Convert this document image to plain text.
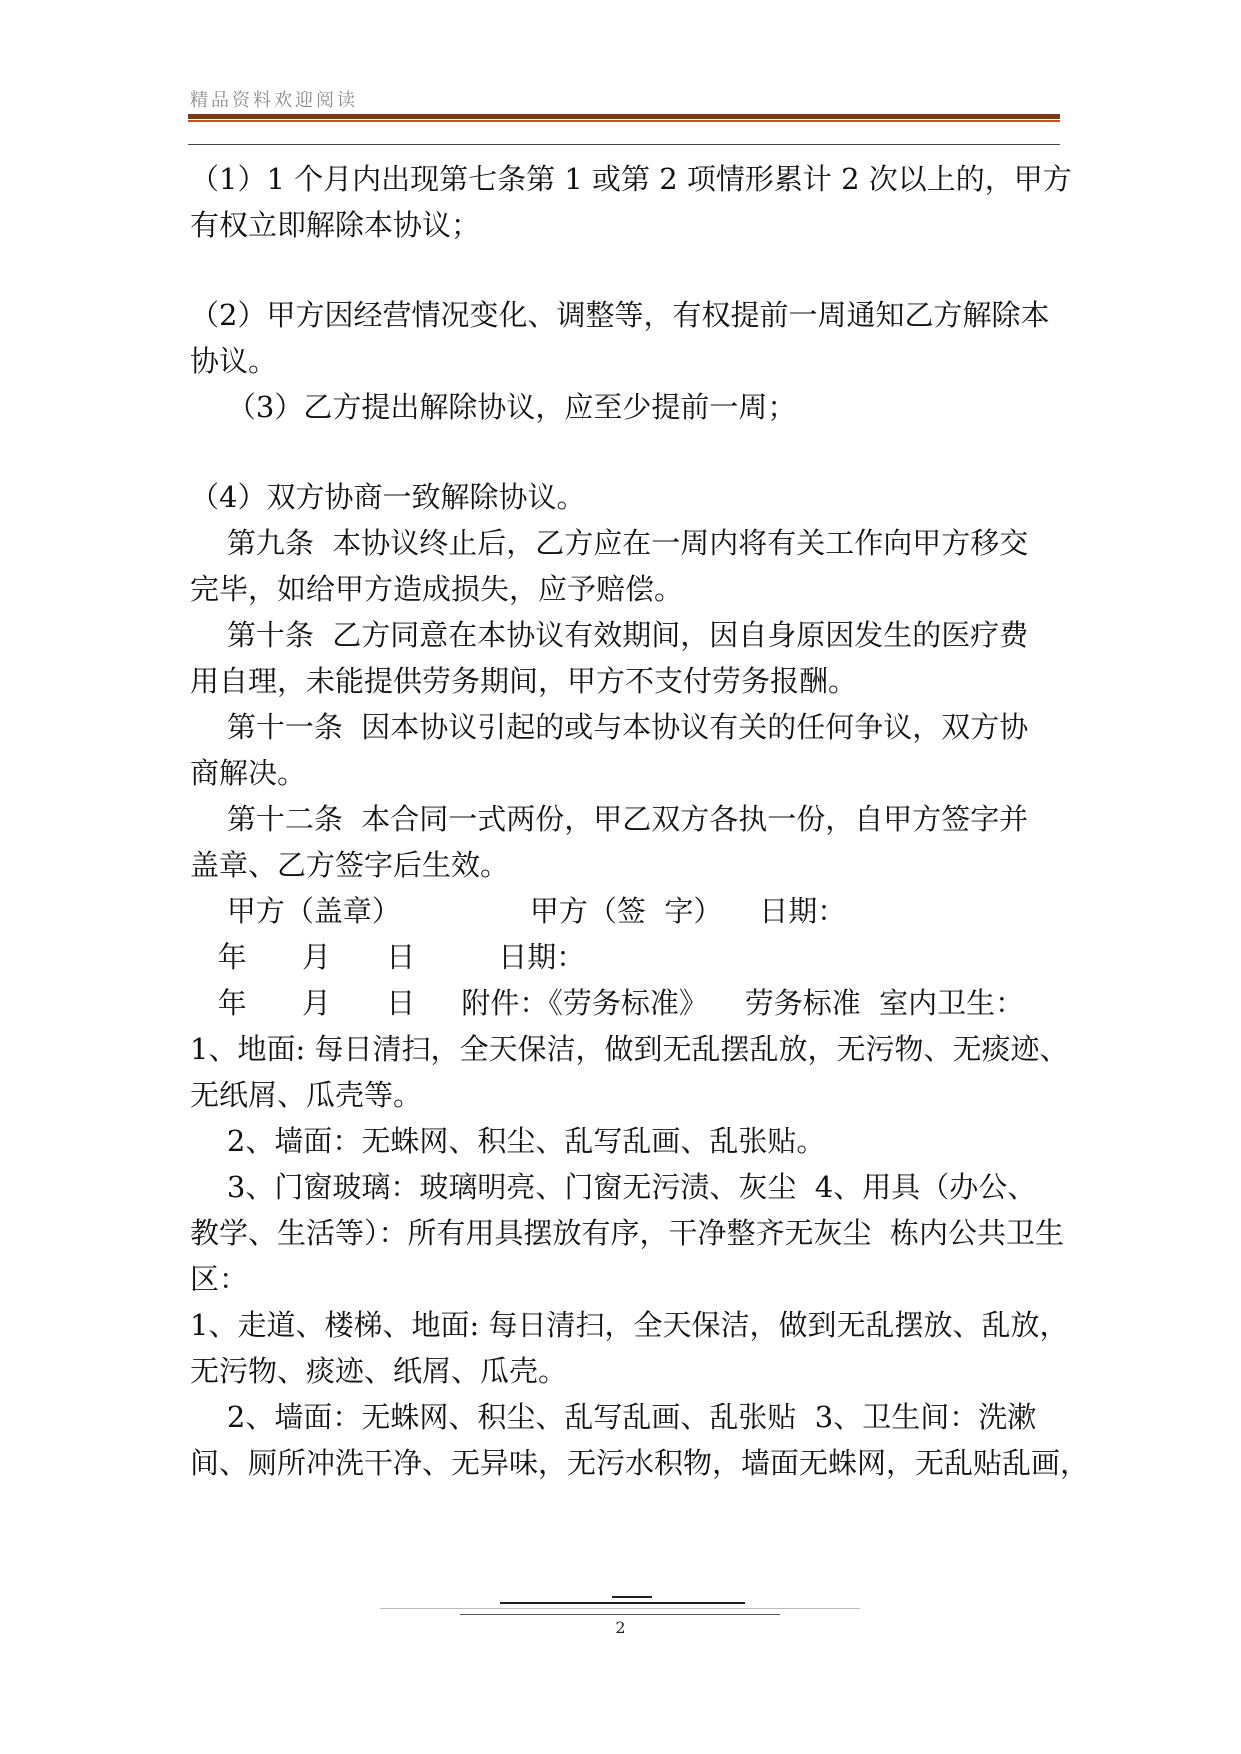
精品资料欢迎阅读
（1）1 个月内出现第七条第 1 或第 2 项情形累计 2 次以上的，甲方
有权立即解除本协议；
（2）甲方因经营情况变化、调整等，有权提前一周通知乙方解除本
协议。
（3）乙方提出解除协议，应至少提前一周；
（4）双方协商一致解除协议。
第九条  本协议终止后，乙方应在一周内将有关工作向甲方移交
完毕，如给甲方造成损失，应予赔偿。
第十条  乙方同意在本协议有效期间，因自身原因发生的医疗费
用自理，未能提供劳务期间，甲方不支付劳务报酬。
第十一条  因本协议引起的或与本协议有关的任何争议，双方协
商解决。
第十二条  本合同一式两份，甲乙双方各执一份，自甲方签字并
盖章、乙方签字后生效。
甲方（盖章）              甲方（签  字）    日期：
年      月      日         日期：
年      月      日     附件：《劳务标准》    劳务标准  室内卫生：
1、地面: 每日清扫，全天保洁，做到无乱摆乱放，无污物、无痰迹、
无纸屑、瓜壳等。
2、墙面：无蛛网、积尘、乱写乱画、乱张贴。
3、门窗玻璃：玻璃明亮、门窗无污渍、灰尘  4、用具（办公、
教学、生活等）：所有用具摆放有序，干净整齐无灰尘  栋内公共卫生
区：
1、走道、楼梯、地面: 每日清扫，全天保洁，做到无乱摆放、乱放，
无污物、痰迹、纸屑、瓜壳。
2、墙面：无蛛网、积尘、乱写乱画、乱张贴  3、卫生间：洗漱
间、厕所冲洗干净、无异味，无污水积物，墙面无蛛网，无乱贴乱画，
2
